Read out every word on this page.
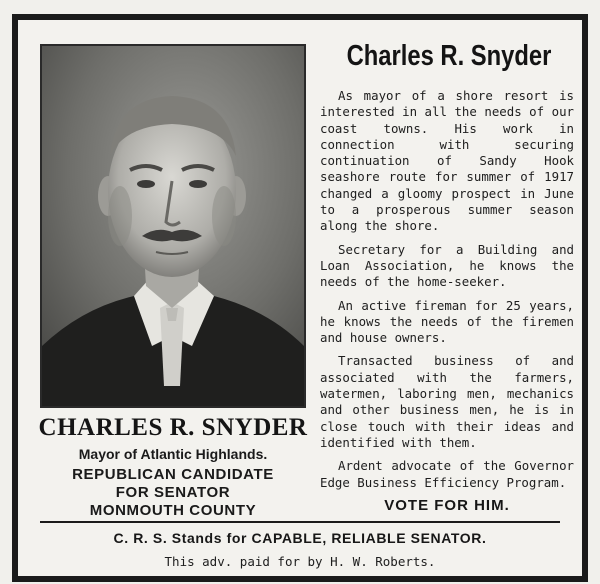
CHARLES R. SNYDER
Mayor of Atlantic Highlands.
REPUBLICAN CANDIDATE
FOR SENATOR
MONMOUTH COUNTY
Charles R. Snyder

As mayor of a shore resort is interested in all the needs of our coast towns. His work in connection with securing continuation of Sandy Hook seashore route for summer of 1917 changed a gloomy prospect in June to a prosperous summer season along the shore.

Secretary for a Building and Loan Association, he knows the needs of the home-seeker.

An active fireman for 25 years, he knows the needs of the firemen and house owners.

Transacted business of and associated with the farmers, watermen, laboring men, mechanics and other business men, he is in close touch with their ideas and identified with them.

Ardent advocate of the Governor Edge Business Efficiency Program.

VOTE FOR HIM.
C. R. S. Stands for CAPABLE, RELIABLE SENATOR.
This adv. paid for by H. W. Roberts.
